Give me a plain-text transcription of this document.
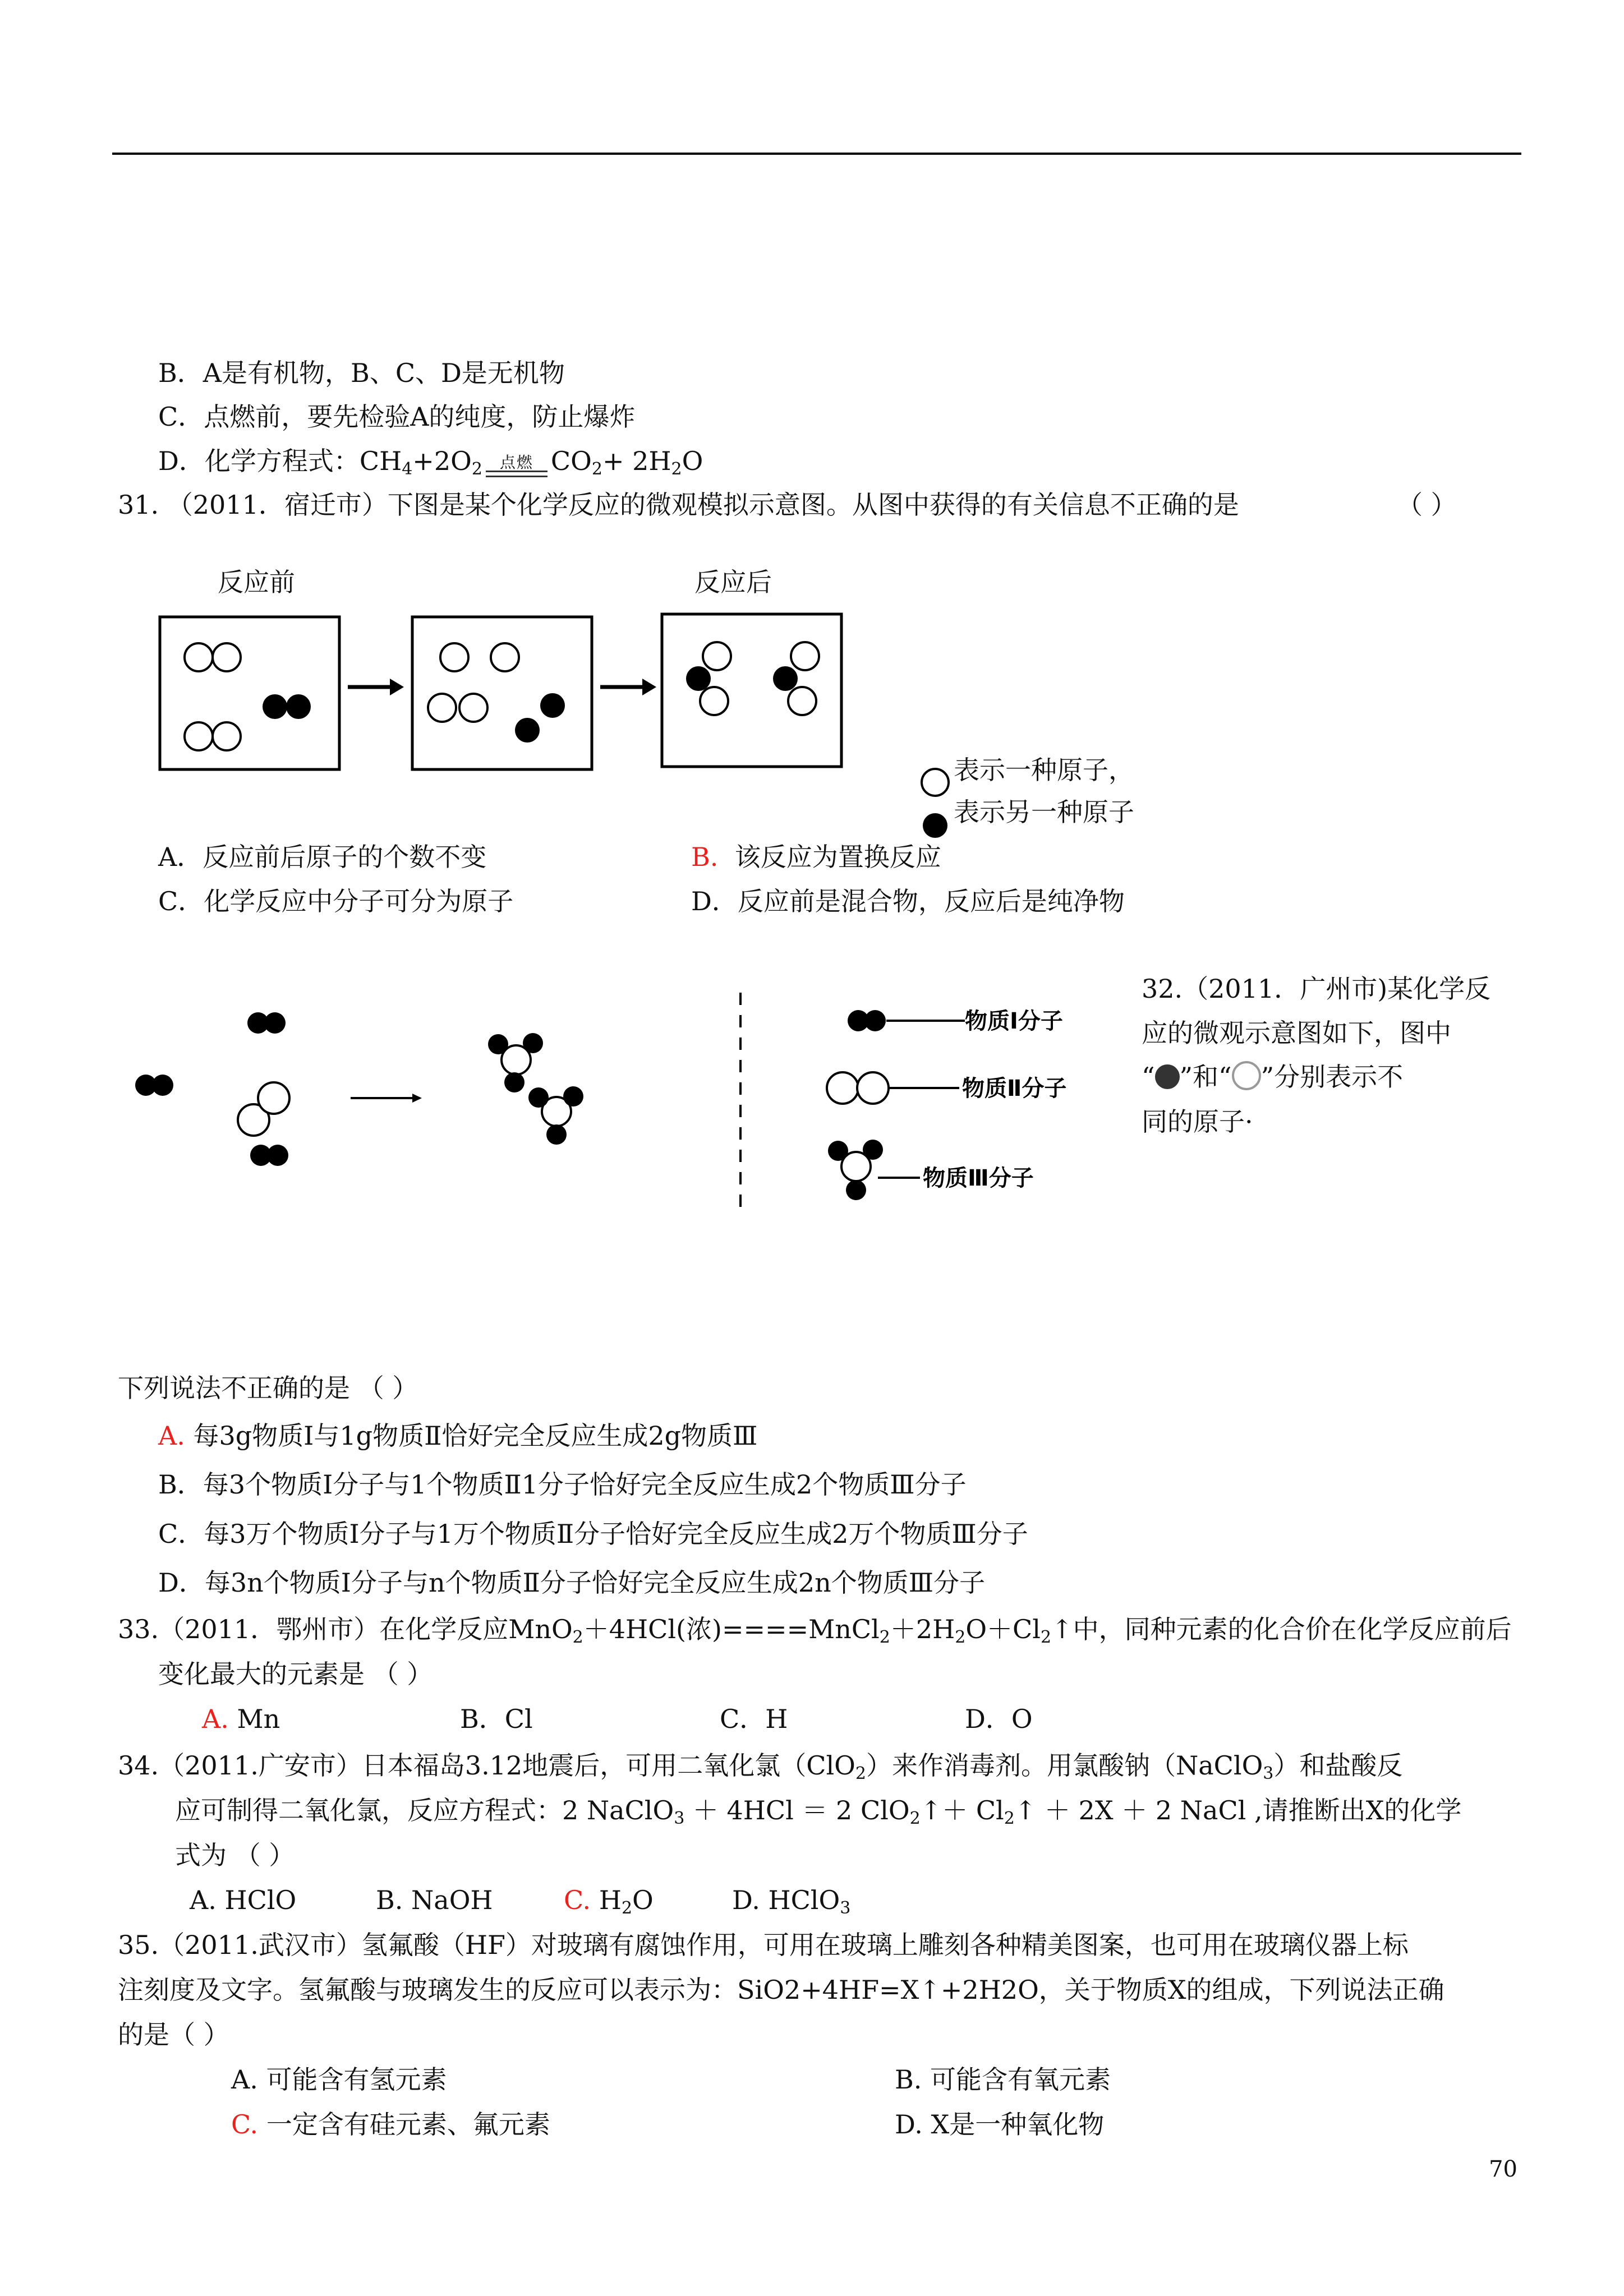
B．A是有机物，B、C、D是无机物
C．点燃前，要先检验A的纯度，防止爆炸
D．化学方程式：$CH_4+2O_2$	点燃 $CO_2+ 2H_2O$
31. （2011．宿迁市）下图是某个化学反应的微观模拟示意图。从图中获得的有关信息不正确的是	（ ）
反应前	反应后
表示一种原子，
表示另一种原子
A．反应前后原子的个数不变	B. 该反应为置换反应
C．化学反应中分子可分为原子	D．反应前是混合物，反应后是纯净物
物质Ⅰ分子
物质Ⅱ分子
物质Ⅲ分子
32.（2011．广州市)某化学反
应的微观示意图如下，图中
“ ”和“ ”分别表示不
同的原子·
下列说法不正确的是 （ ）
A. 每3g物质Ⅰ与1g物质Ⅱ恰好完全反应生成2g物质Ⅲ
B．每3个物质Ⅰ分子与1个物质Ⅱ1分子恰好完全反应生成2个物质Ⅲ分子
C．每3万个物质Ⅰ分子与1万个物质Ⅱ分子恰好完全反应生成2万个物质Ⅲ分子
D．每3n个物质Ⅰ分子与n个物质Ⅱ分子恰好完全反应生成2n个物质Ⅲ分子
33.（2011．鄂州市）在化学反应MnO$_2$＋4HCl(浓)$====MnCl_2+2H_2O+Cl_2↑$中，同种元素的化合价在化学反应前后
变化最大的元素是 （ ）
A. Mn	B．Cl	C．H	D．O
34.（2011.广安市）日本福岛3.12地震后，可用二氧化氯（ClO$_2$）来作消毒剂。用氯酸钠（NaClO$_3$）和盐酸反
应可制得二氧化氯，反应方程式：2 NaClO$_3$ ＋ 4HCl ＝ 2 ClO$_2$↑＋ $Cl_2↑ + 2X + 2$ NaCl ,请推断出X的化学
式为 （ ）
A. HClO	B. NaOH	C. $H_2O$	D. HClO$_3$
35.（2011.武汉市）氢氟酸（HF）对玻璃有腐蚀作用，可用在玻璃上雕刻各种精美图案，也可用在玻璃仪器上标
注刻度及文字。氢氟酸与玻璃发生的反应可以表示为：SiO2+4HF=X↑+2H2O，关于物质X的组成，下列说法正确
的是（ ）
A. 可能含有氢元素	B. 可能含有氧元素
C. 一定含有硅元素、氟元素	D. X是一种氧化物
70
